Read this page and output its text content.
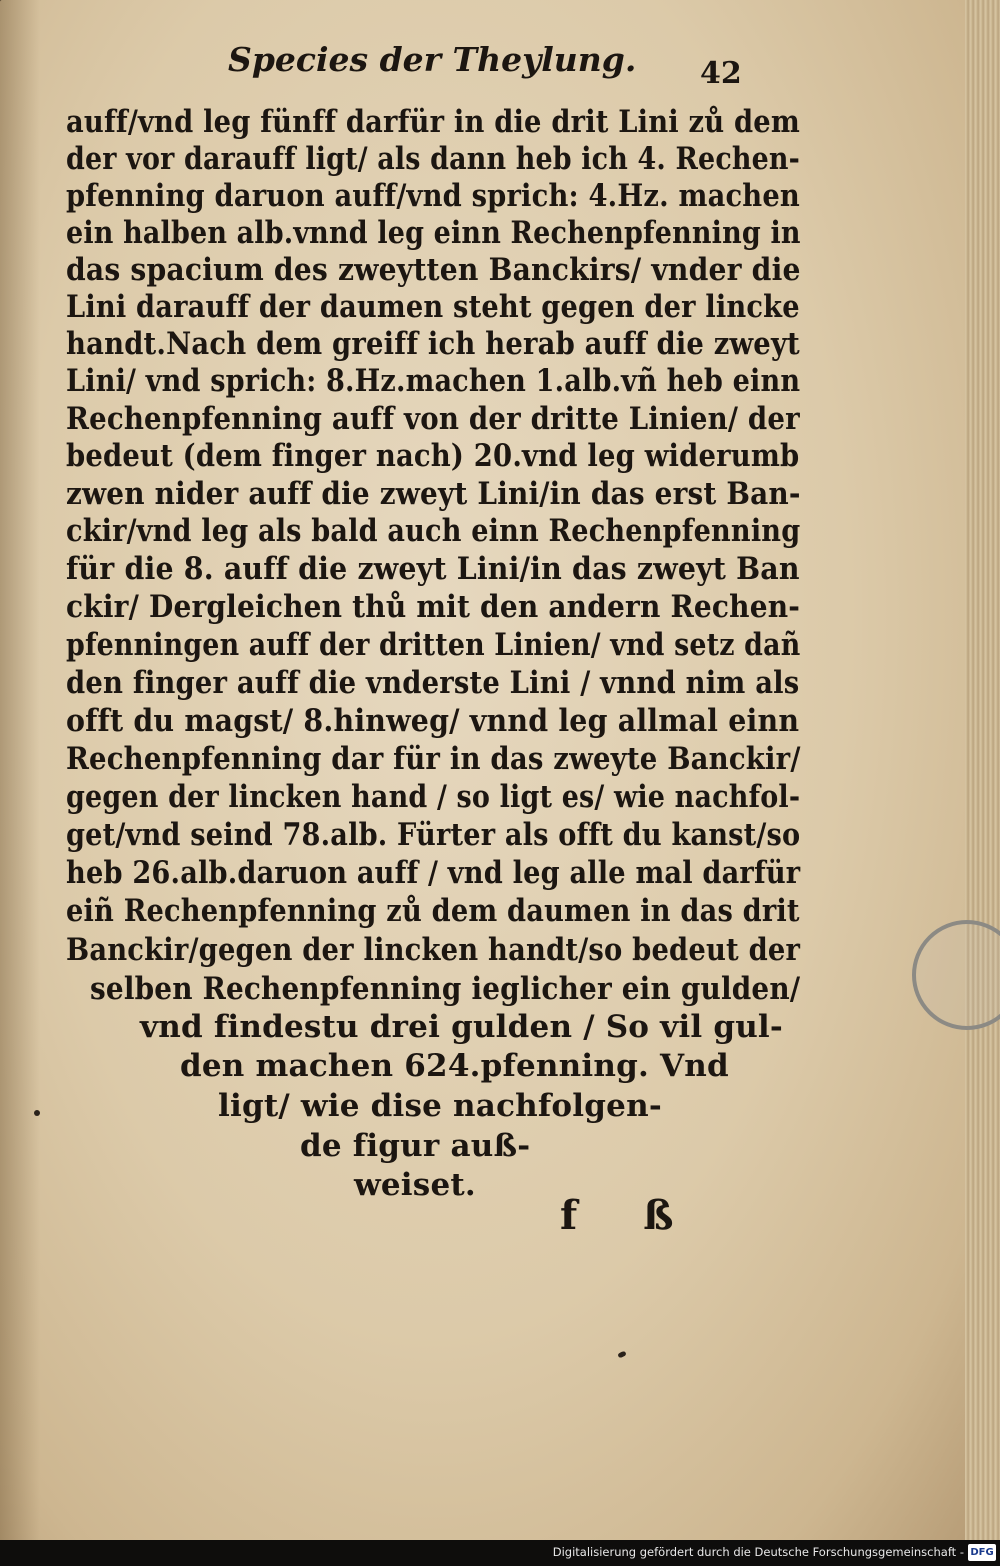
Species der Theylung. 42
auff/vnd leg fünff darfür in die drit Lini zů dem
der vor darauff ligt/ als dann heb ich 4. Rechen-
pfenning daruon auff/vnd sprich: 4.Hz. machen
ein halben alb.vnnd leg einn Rechenpfenning in
das spacium des zweytten Banckirs/ vnder die
Lini darauff der daumen steht gegen der lincke
handt.Nach dem greiff ich herab auff die zweyt
Lini/ vnd sprich: 8.Hz.machen 1.alb.vñ heb einn
Rechenpfenning auff von der dritte Linien/ der
bedeut (dem finger nach) 20.vnd leg widerumb
zwen nider auff die zweyt Lini/in das erst Ban-
ckir/vnd leg als bald auch einn Rechenpfenning
für die 8. auff die zweyt Lini/in das zweyt Ban
ckir/ Dergleichen thů mit den andern Rechen-
pfenningen auff der dritten Linien/ vnd setz dañ
den finger auff die vnderste Lini / vnnd nim als
offt du magst/ 8.hinweg/ vnnd leg allmal einn
Rechenpfenning dar für in das zweyte Banckir/
gegen der lincken hand / so ligt es/ wie nachfol-
get/vnd seind 78.alb. Fürter als offt du kanst/so
heb 26.alb.daruon auff / vnd leg alle mal darfür
eiñ Rechenpfenning zů dem daumen in das drit
Banckir/gegen der lincken handt/so bedeut der
selben Rechenpfenning ieglicher ein gulden/
vnd findestu drei gulden / So vil gul-
den machen 624.pfenning. Vnd
ligt/ wie dise nachfolgen-
de figur auß-
weiset.
f ß
Digitalisierung gefördert durch die Deutsche Forschungsgemeinschaft - DFG
